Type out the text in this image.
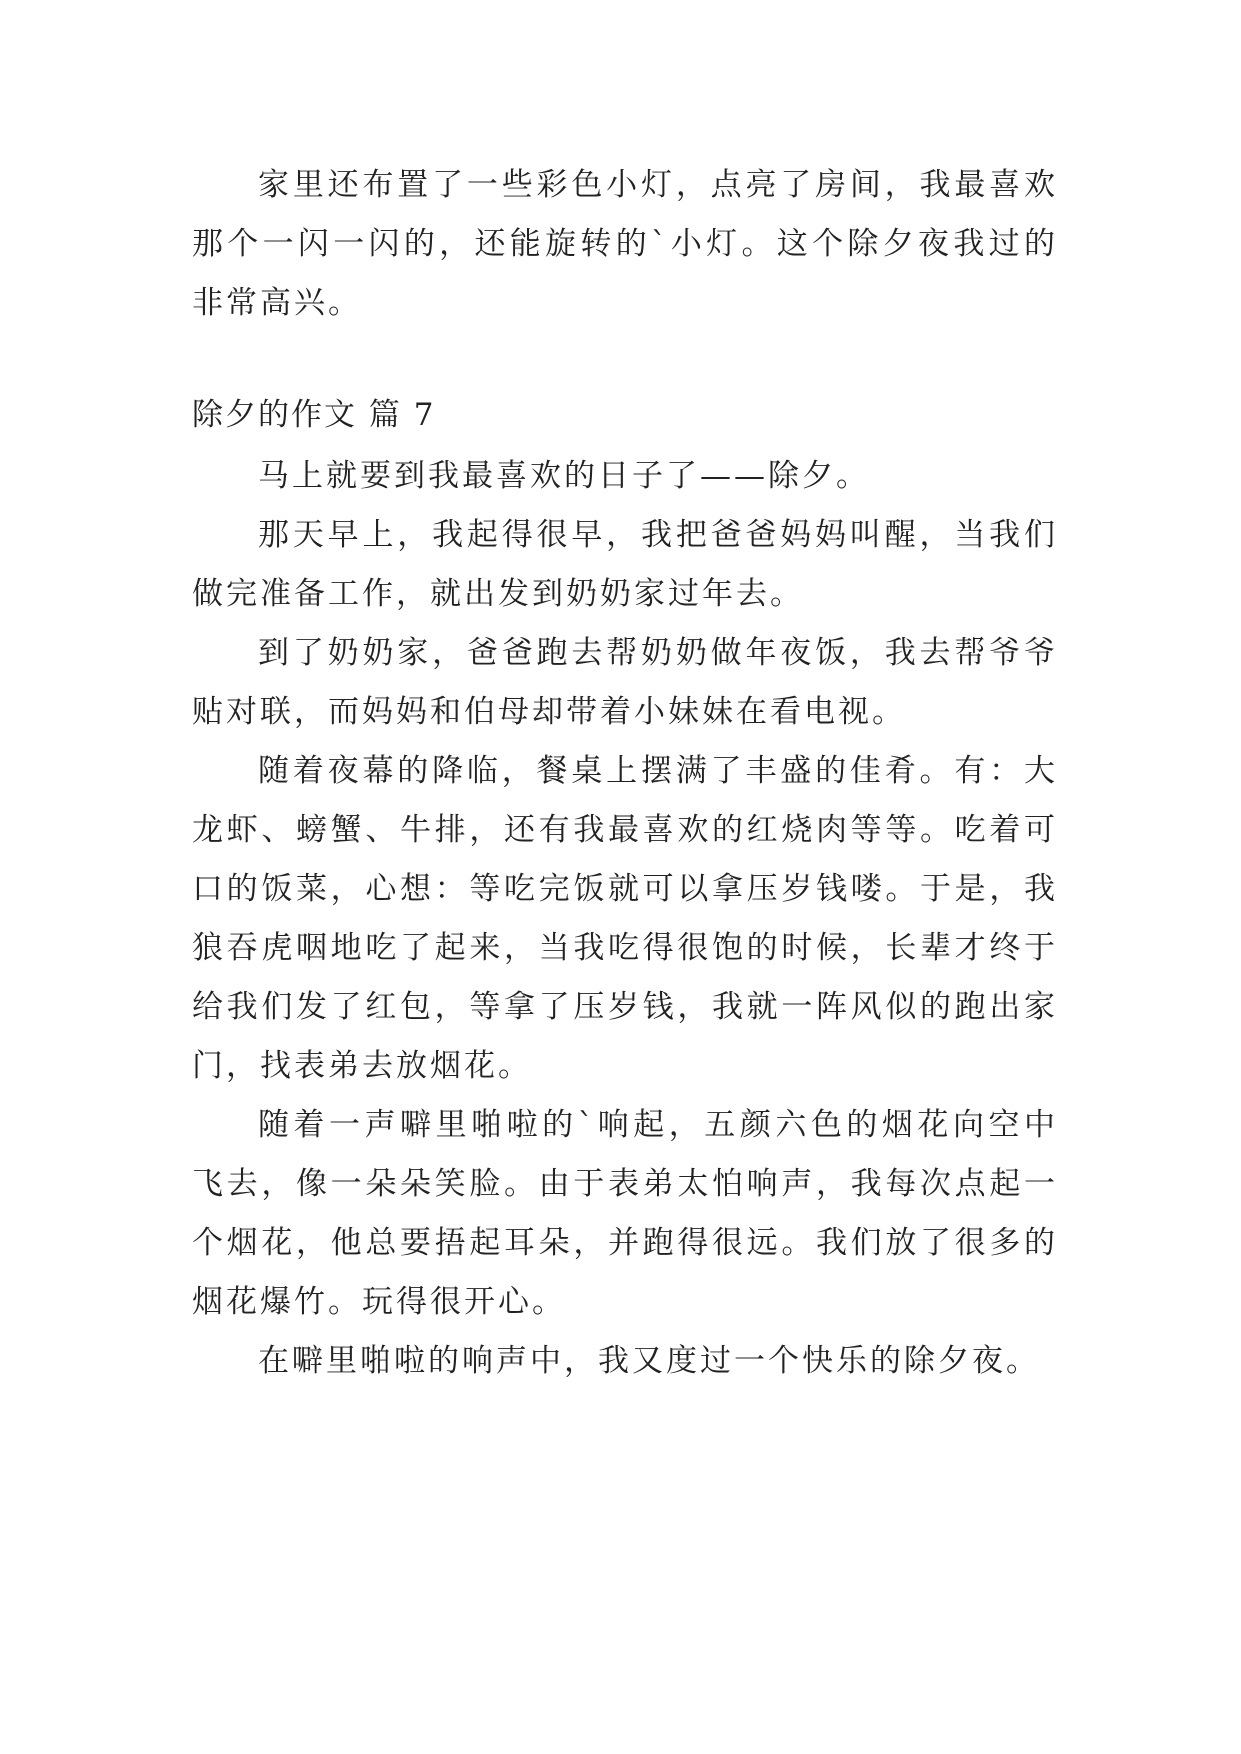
家里还布置了一些彩色小灯，点亮了房间，我最喜欢那个一闪一闪的，还能旋转的`小灯。这个除夕夜我过的非常高兴。

除夕的作文 篇 7

马上就要到我最喜欢的日子了——除夕。

那天早上，我起得很早，我把爸爸妈妈叫醒，当我们做完准备工作，就出发到奶奶家过年去。

到了奶奶家，爸爸跑去帮奶奶做年夜饭，我去帮爷爷贴对联，而妈妈和伯母却带着小妹妹在看电视。

随着夜幕的降临，餐桌上摆满了丰盛的佳肴。有：大龙虾、螃蟹、牛排，还有我最喜欢的红烧肉等等。吃着可口的饭菜，心想：等吃完饭就可以拿压岁钱喽。于是，我狼吞虎咽地吃了起来，当我吃得很饱的时候，长辈才终于给我们发了红包，等拿了压岁钱，我就一阵风似的跑出家门，找表弟去放烟花。

随着一声噼里啪啦的`响起，五颜六色的烟花向空中飞去，像一朵朵笑脸。由于表弟太怕响声，我每次点起一个烟花，他总要捂起耳朵，并跑得很远。我们放了很多的烟花爆竹。玩得很开心。

在噼里啪啦的响声中，我又度过一个快乐的除夕夜。
